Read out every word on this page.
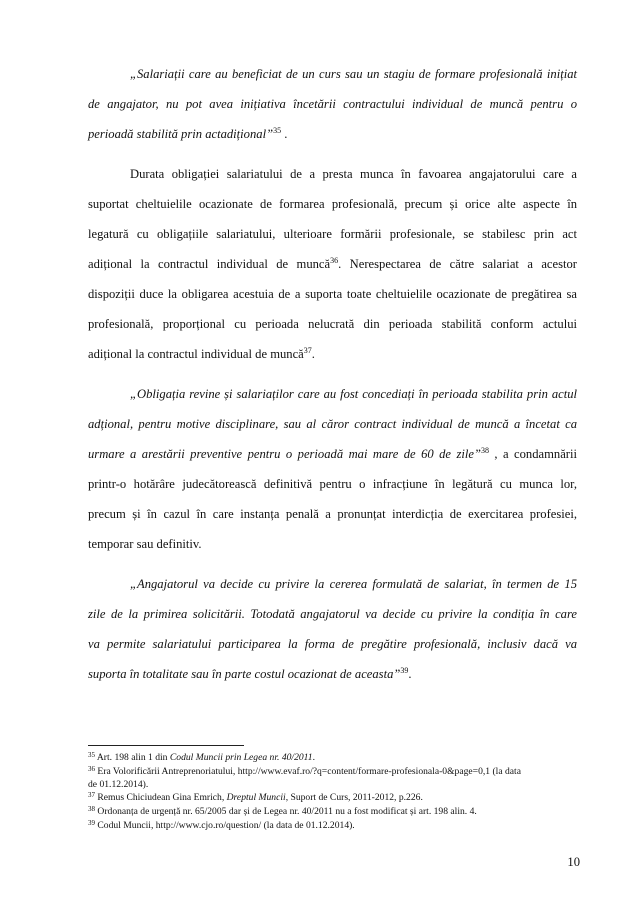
„Salariații care au beneficiat de un curs sau un stagiu de formare profesională inițiat
de angajator, nu pot avea inițiativa încetării contractului individual de muncă pentru o
perioadă stabilită prin actadițional”$^{35}$ .
Durata obligației salariatului de a presta munca în favoarea angajatorului care a
suportat cheltuielile ocazionate de formarea profesională, precum și orice alte aspecte în
legatură cu obligațiile salariatului, ulterioare formării profesionale, se stabilesc prin act
adițional la contractul individual de muncă$^{36}$. Nerespectarea de către salariat a acestor
dispoziții duce la obligarea acestuia de a suporta toate cheltuielile ocazionate de pregătirea sa
profesională, proporțional cu perioada nelucrată din perioada stabilită conform actului
adițional la contractul individual de muncă$^{37}$.
„Obligația revine și salariaților care au fost concediați în perioada stabilita prin actul
adțional, pentru motive disciplinare, sau al căror contract individual de muncă a încetat ca
urmare a arestării preventive pentru o perioadă mai mare de 60 de zile”$^{38}$ , a condamnării
printr-o hotărâre judecătorească definitivă pentru o infracțiune în legătură cu munca lor,
precum și în cazul în care instanța penală a pronunțat interdicția de exercitarea profesiei,
temporar sau definitiv.
„Angajatorul va decide cu privire la cererea formulată de salariat, în termen de 15
zile de la primirea solicitării. Totodată angajatorul va decide cu privire la condiția în care
va permite salariatului participarea la forma de pregătire profesională, inclusiv dacă va
suporta în totalitate sau în parte costul ocazionat de aceasta”$^{39}$.
$^{35}$ Art. 198 alin 1 din Codul Muncii prin Legea nr. 40/2011.
$^{36}$ Era Volorificării Antreprenoriatului, http://www.evaf.ro/?q=content/formare-profesionala-0&page=0,1 (la data
de 01.12.2014).
$^{37}$ Remus Chiciudean Gina Emrich, Dreptul Muncii, Suport de Curs, 2011-2012, p.226.
$^{38}$ Ordonanța de urgență nr. 65/2005 dar și de Legea nr. 40/2011 nu a fost modificat și art. 198 alin. 4.
$^{39}$ Codul Muncii, http://www.cjo.ro/question/ (la data de 01.12.2014).
10
